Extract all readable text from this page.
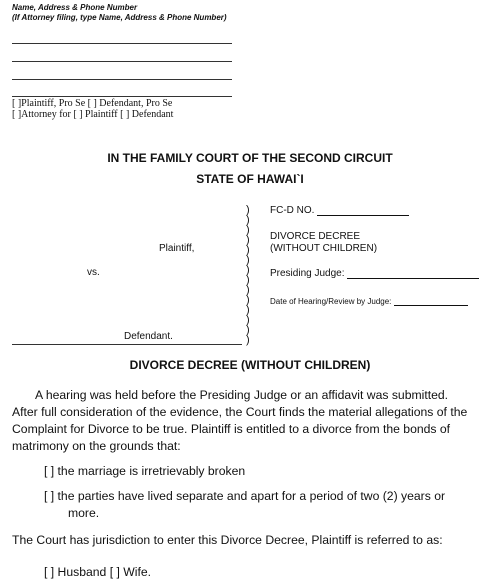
Name, Address & Phone Number
(If Attorney filing, type Name, Address & Phone Number)
[ ]Plaintiff, Pro Se [ ] Defendant, Pro Se
[ ]Attorney for [ ] Plaintiff [ ] Defendant
IN THE FAMILY COURT OF THE SECOND CIRCUIT
STATE OF HAWAI`I
)
)
)
)
)
)
)
)
)
)
)
)
)
)
Plaintiff,
vs.
Defendant.
FC-D NO.
DIVORCE DECREE
(WITHOUT CHILDREN)
Presiding Judge:
Date of Hearing/Review by Judge:
DIVORCE DECREE (WITHOUT CHILDREN)
A hearing was held before the Presiding Judge or an affidavit was submitted.
After full consideration of the evidence, the Court finds the material allegations of the
Complaint for Divorce to be true. Plaintiff is entitled to a divorce from the bonds of
matrimony on the grounds that:
[ ] the marriage is irretrievably broken
[ ] the parties have lived separate and apart for a period of two (2) years or
more.
The Court has jurisdiction to enter this Divorce Decree, Plaintiff is referred to as:
[ ] Husband [ ] Wife.
